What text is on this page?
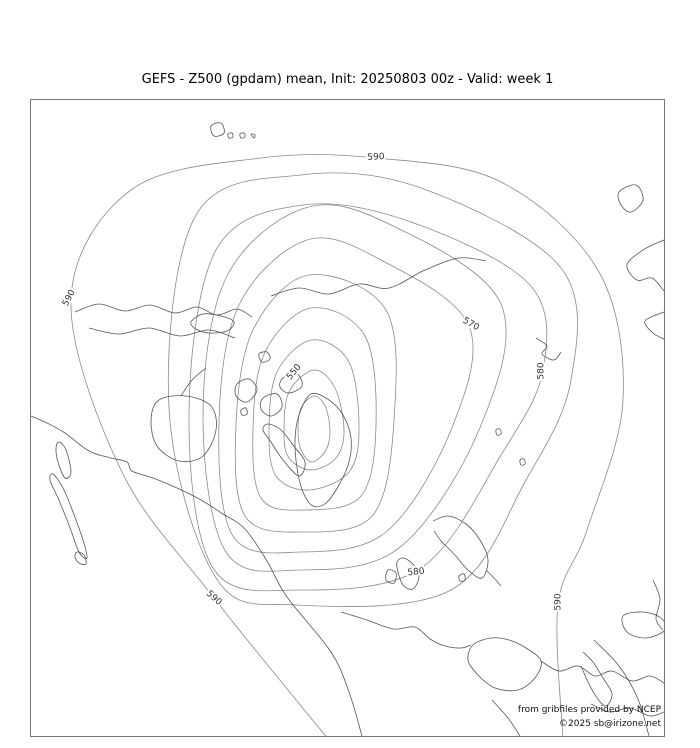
GEFS - Z500 (gpdam) mean, Init: 20250803 00z - Valid: week 1
590
590
570
580
550
580
590	590
from gribfiles provided by NCEP
©2025 sb@irizone.net
